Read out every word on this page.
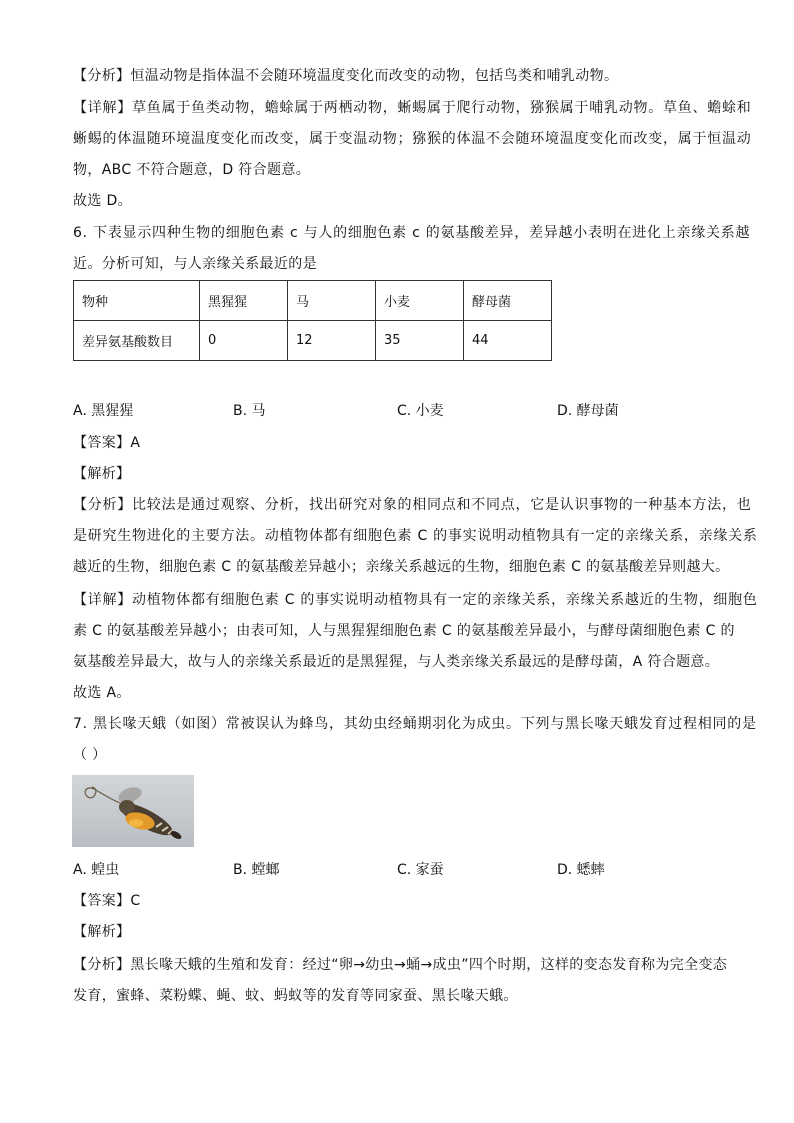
【分析】恒温动物是指体温不会随环境温度变化而改变的动物，包括鸟类和哺乳动物。
【详解】草鱼属于鱼类动物，蟾蜍属于两栖动物，蜥蜴属于爬行动物，猕猴属于哺乳动物。草鱼、蟾蜍和
蜥蜴的体温随环境温度变化而改变，属于变温动物；猕猴的体温不会随环境温度变化而改变，属于恒温动
物，ABC 不符合题意，D 符合题意。
故选 D。
6. 下表显示四种生物的细胞色素 c 与人的细胞色素 c 的氨基酸差异，差异越小表明在进化上亲缘关系越
近。分析可知，与人亲缘关系最近的是
物种	黑猩猩	马	小麦	酵母菌
差异氨基酸数目	0	12	35	44
A. 黑猩猩	B. 马	C. 小麦	D. 酵母菌
【答案】A
【解析】
【分析】比较法是通过观察、分析，找出研究对象的相同点和不同点，它是认识事物的一种基本方法，也
是研究生物进化的主要方法。动植物体都有细胞色素 C 的事实说明动植物具有一定的亲缘关系，亲缘关系
越近的生物，细胞色素 C 的氨基酸差异越小；亲缘关系越远的生物，细胞色素 C 的氨基酸差异则越大。
【详解】动植物体都有细胞色素 C 的事实说明动植物具有一定的亲缘关系，亲缘关系越近的生物，细胞色
素 C 的氨基酸差异越小；由表可知，人与黑猩猩细胞色素 C 的氨基酸差异最小，与酵母菌细胞色素 C 的
氨基酸差异最大，故与人的亲缘关系最近的是黑猩猩，与人类亲缘关系最远的是酵母菌，A 符合题意。
故选 A。
7. 黑长喙天蛾（如图）常被误认为蜂鸟，其幼虫经蛹期羽化为成虫。下列与黑长喙天蛾发育过程相同的是
（ ）
A. 蝗虫	B. 螳螂	C. 家蚕	D. 蟋蟀
【答案】C
【解析】
【分析】黑长喙天蛾的生殖和发育：经过“卵→幼虫→蛹→成虫”四个时期，这样的变态发育称为完全变态
发育，蜜蜂、菜粉蝶、蝇、蚊、蚂蚁等的发育等同家蚕、黑长喙天蛾。
